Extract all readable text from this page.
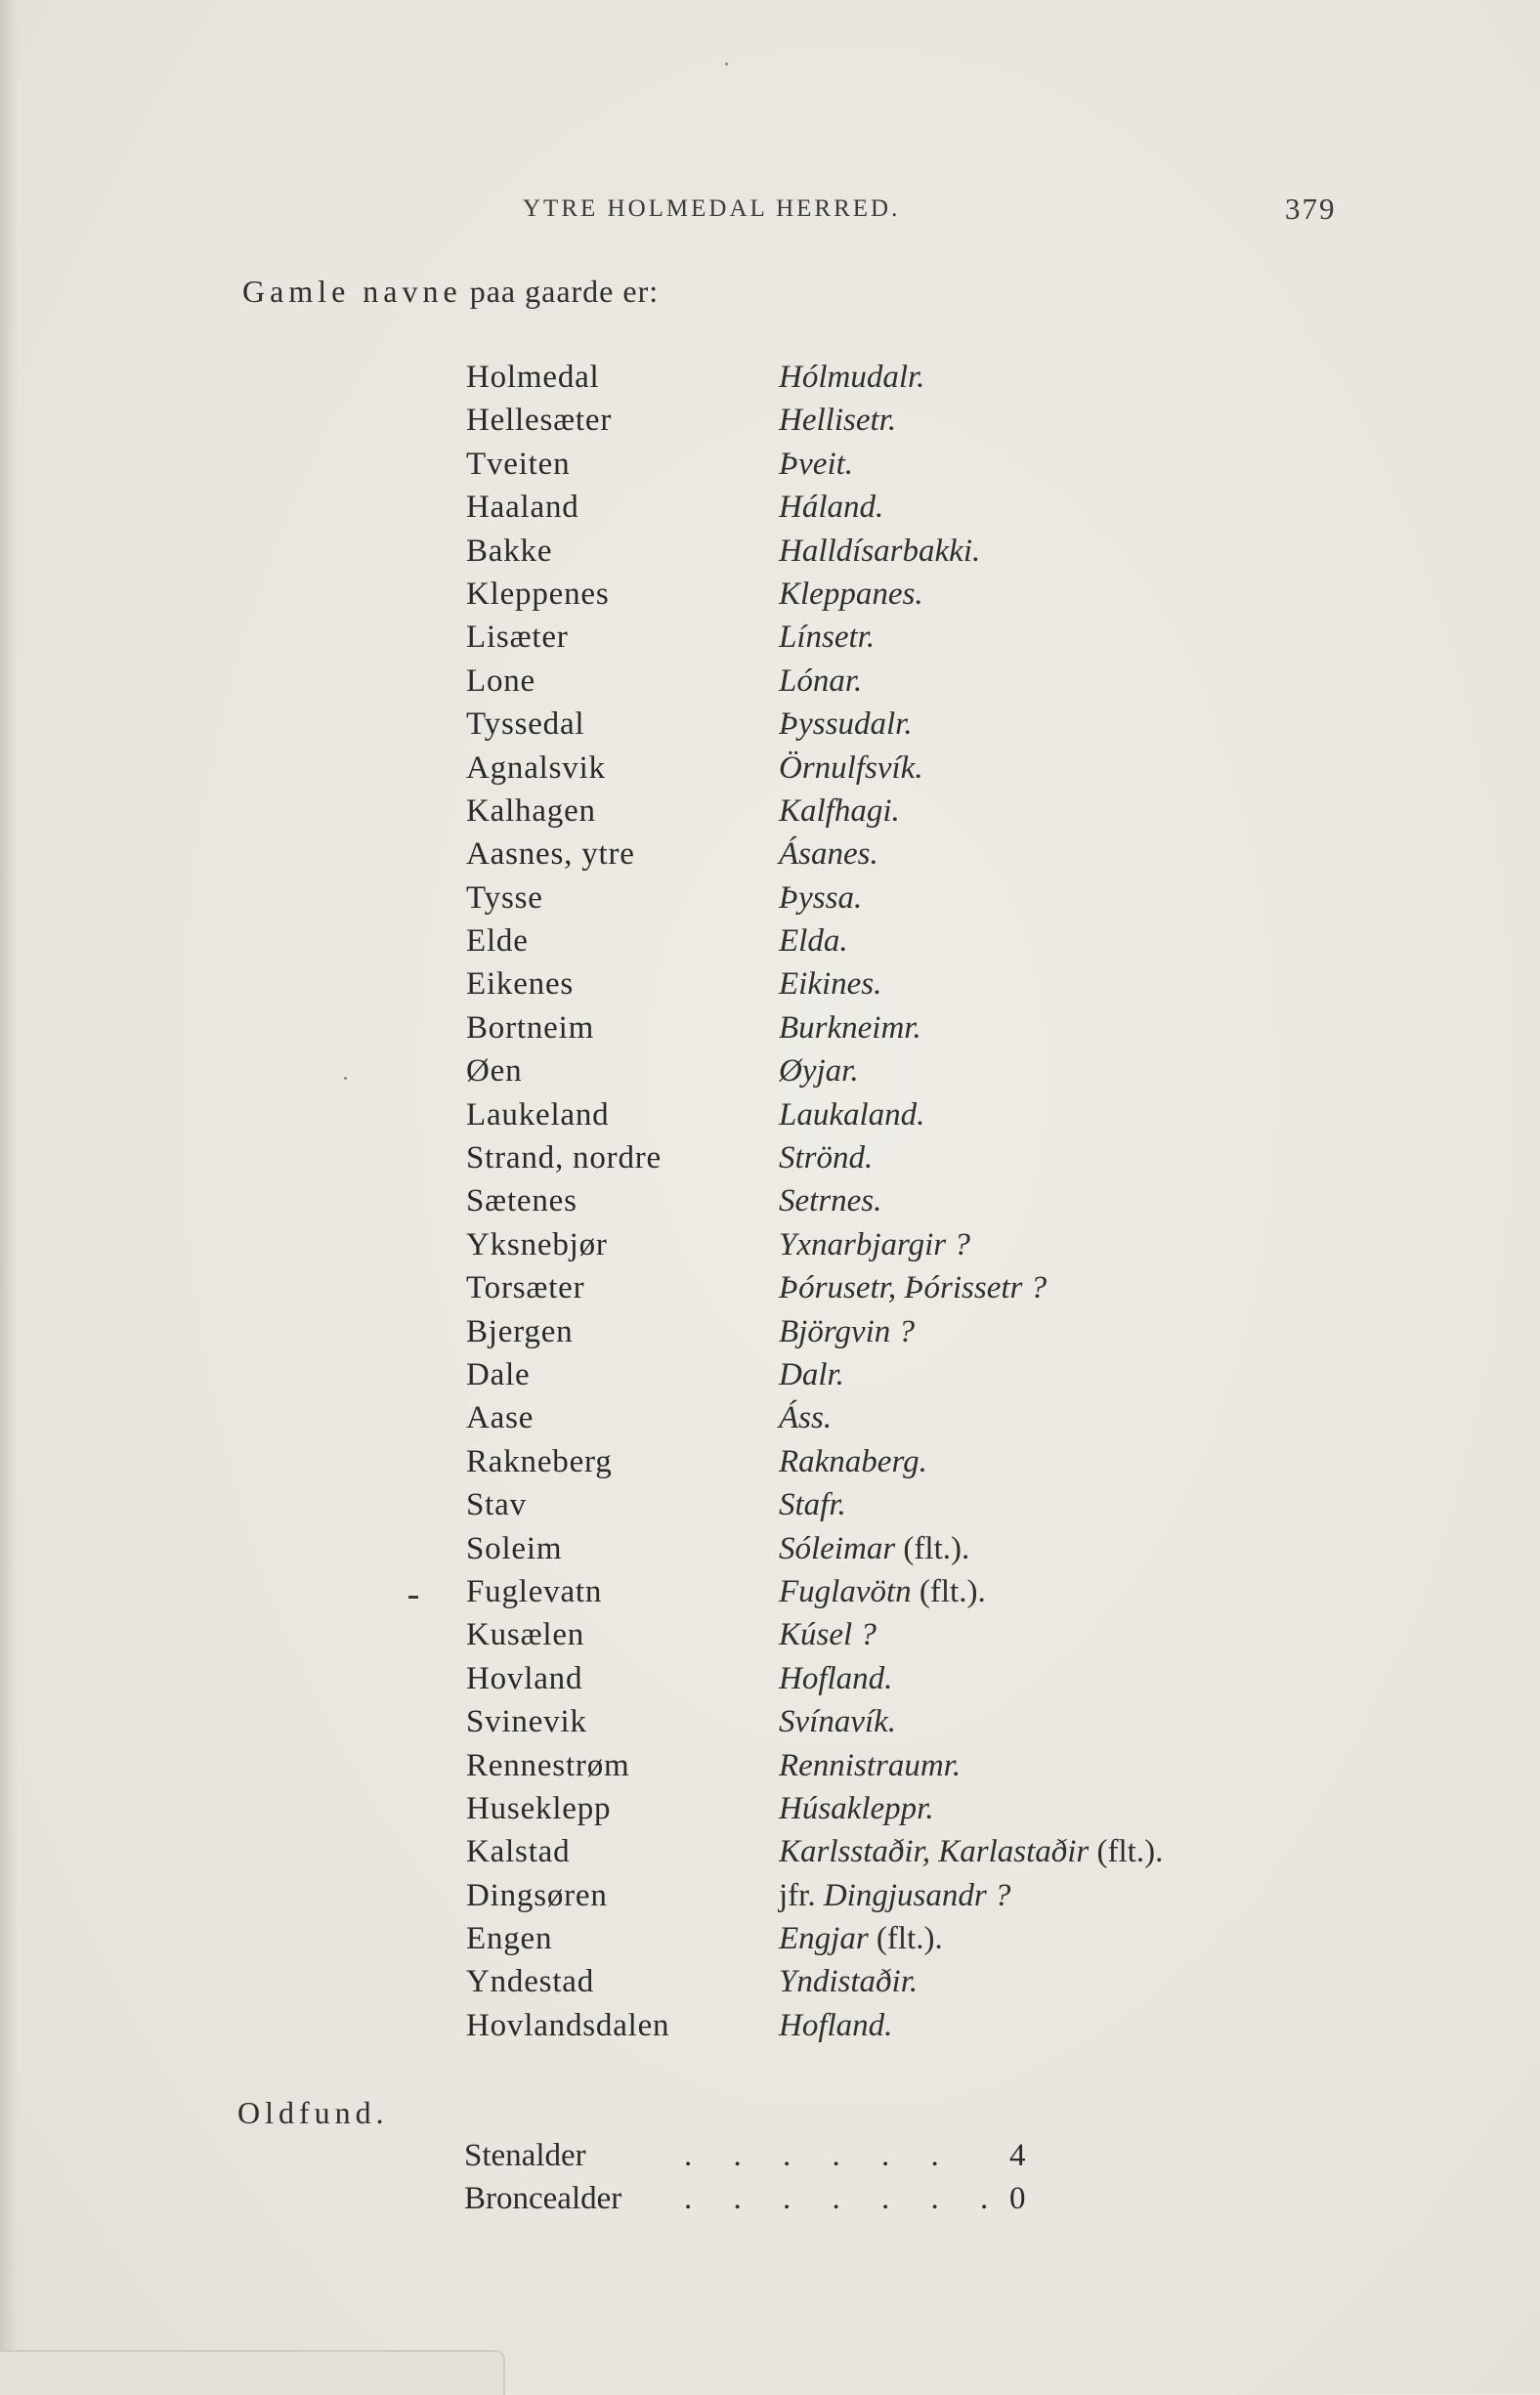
YTRE HOLMEDAL HERRED.	379
Gamle navne paa gaarde er:
Holmedal	Hólmudalr.
Hellesæter	Hellisetr.
Tveiten	Þveit.
Haaland	Háland.
Bakke	Halldísarbakki.
Kleppenes	Kleppanes.
Lisæter	Línsetr.
Lone	Lónar.
Tyssedal	Þyssudalr.
Agnalsvik	Örnulfsvík.
Kalhagen	Kalfhagi.
Aasnes, ytre	Ásanes.
Tysse	Þyssa.
Elde	Elda.
Eikenes	Eikines.
Bortneim	Burkneimr.
Øen	Øyjar.
Laukeland	Laukaland.
Strand, nordre	Strönd.
Sætenes	Setrnes.
Yksnebjør	Yxnarbjargir ?
Torsæter	Þórusetr, Þórissetr ?
Bjergen	Björgvin ?
Dale	Dalr.
Aase	Áss.
Rakneberg	Raknaberg.
Stav	Stafr.
Soleim	Sóleimar (flt.).
Fuglevatn	Fuglavötn (flt.).
Kusælen	Kúsel ?
Hovland	Hofland.
Svinevik	Svínavík.
Rennestrøm	Rennistraumr.
Huseklepp	Húsakleppr.
Kalstad	Karlsstaðir, Karlastaðir (flt.).
Dingsøren	jfr. Dingjusandr ?
Engen	Engjar (flt.).
Yndestad	Yndistaðir.
Hovlandsdalen	Hofland.
Oldfund.
Stenalder	. . . . . . 4
Broncealder . . . . . . . 0
